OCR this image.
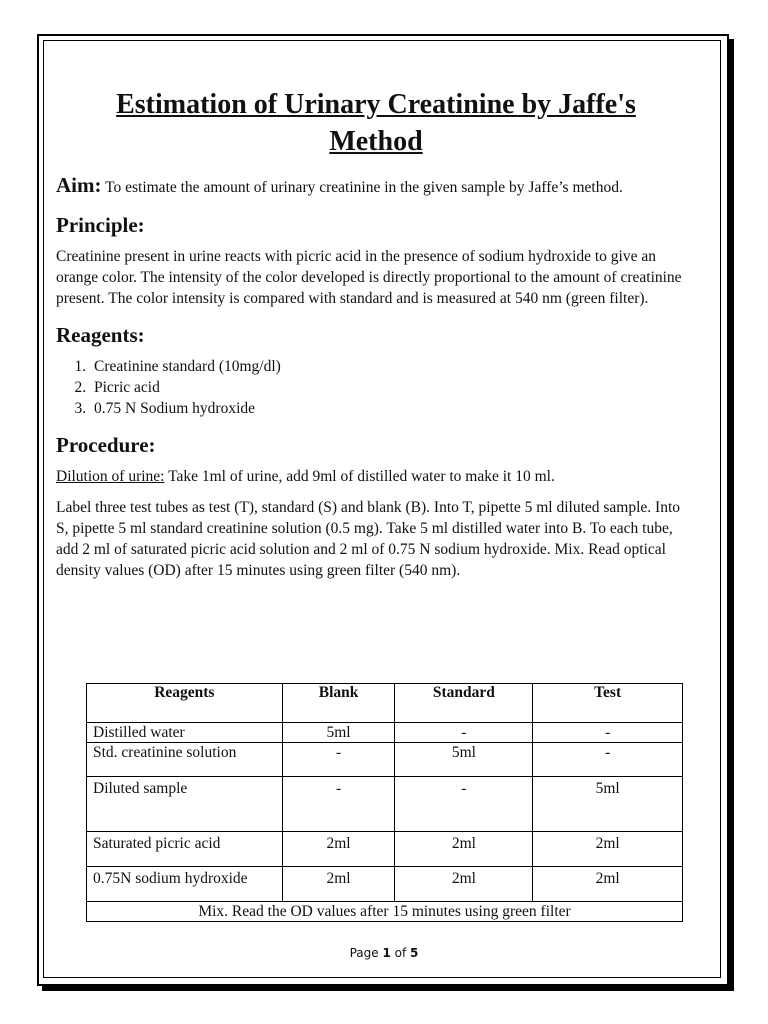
Estimation of Urinary Creatinine by Jaffe's
Method
Aim: To estimate the amount of urinary creatinine in the given sample by Jaffe’s method.
Principle:

Creatinine present in urine reacts with picric acid in the presence of sodium hydroxide to give an orange color. The intensity of the color developed is directly proportional to the amount of creatinine present. The color intensity is compared with standard and is measured at 540 nm (green filter).

Reagents:
1. Creatinine standard (10mg/dl)
2. Picric acid
3. 0.75 N Sodium hydroxide
Procedure:

Dilution of urine: Take 1ml of urine, add 9ml of distilled water to make it 10 ml.

Label three test tubes as test (T), standard (S) and blank (B). Into T, pipette 5 ml diluted sample. Into S, pipette 5 ml standard creatinine solution (0.5 mg). Take 5 ml distilled water into B. To each tube, add 2 ml of saturated picric acid solution and 2 ml of 0.75 N sodium hydroxide. Mix. Read optical density values (OD) after 15 minutes using green filter (540 nm).

Reagents	Blank	Standard	Test
Distilled water	5ml	-	-
Std. creatinine solution	-	5ml	-
Diluted sample	-	-	5ml
Saturated picric acid	2ml	2ml	2ml
0.75N sodium hydroxide	2ml	2ml	2ml
Mix. Read the OD values after 15 minutes using green filter			
Page 1 of 5
